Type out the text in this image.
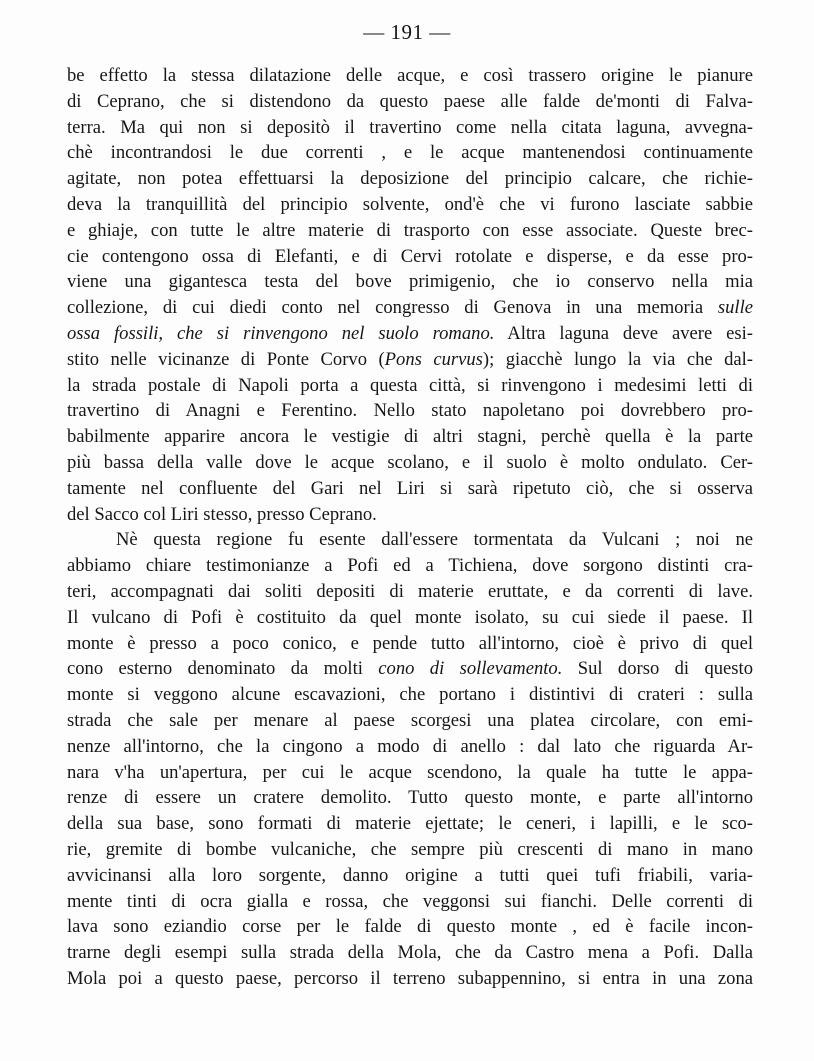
— 191 —
be effetto la stessa dilatazione delle acque, e così trassero origine le pianure
di Ceprano, che si distendono da questo paese alle falde de'monti di Falva-
terra. Ma qui non si depositò il travertino come nella citata laguna, avvegna-
chè incontrandosi le due correnti , e le acque mantenendosi continuamente
agitate, non potea effettuarsi la deposizione del principio calcare, che richie-
deva la tranquillità del principio solvente, ond'è che vi furono lasciate sabbie
e ghiaje, con tutte le altre materie di trasporto con esse associate. Queste brec-
cie contengono ossa di Elefanti, e di Cervi rotolate e disperse, e da esse pro-
viene una gigantesca testa del bove primigenio, che io conservo nella mia
collezione, di cui diedi conto nel congresso di Genova in una memoria sulle
ossa fossili, che si rinvengono nel suolo romano. Altra laguna deve avere esi-
stito nelle vicinanze di Ponte Corvo (Pons curvus); giacchè lungo la via che dal-
la strada postale di Napoli porta a questa città, si rinvengono i medesimi letti di
travertino di Anagni e Ferentino. Nello stato napoletano poi dovrebbero pro-
babilmente apparire ancora le vestigie di altri stagni, perchè quella è la parte
più bassa della valle dove le acque scolano, e il suolo è molto ondulato. Cer-
tamente nel confluente del Gari nel Liri si sarà ripetuto ciò, che si osserva
del Sacco col Liri stesso, presso Ceprano.
Nè questa regione fu esente dall'essere tormentata da Vulcani ; noi ne
abbiamo chiare testimonianze a Pofi ed a Tichiena, dove sorgono distinti cra-
teri, accompagnati dai soliti depositi di materie eruttate, e da correnti di lave.
Il vulcano di Pofi è costituito da quel monte isolato, su cui siede il paese. Il
monte è presso a poco conico, e pende tutto all'intorno, cioè è privo di quel
cono esterno denominato da molti cono di sollevamento. Sul dorso di questo
monte si veggono alcune escavazioni, che portano i distintivi di crateri : sulla
strada che sale per menare al paese scorgesi una platea circolare, con emi-
nenze all'intorno, che la cingono a modo di anello : dal lato che riguarda Ar-
nara v'ha un'apertura, per cui le acque scendono, la quale ha tutte le appa-
renze di essere un cratere demolito. Tutto questo monte, e parte all'intorno
della sua base, sono formati di materie ejettate; le ceneri, i lapilli, e le sco-
rie, gremite di bombe vulcaniche, che sempre più crescenti di mano in mano
avvicinansi alla loro sorgente, danno origine a tutti quei tufi friabili, varia-
mente tinti di ocra gialla e rossa, che veggonsi sui fianchi. Delle correnti di
lava sono eziandio corse per le falde di questo monte , ed è facile incon-
trarne degli esempi sulla strada della Mola, che da Castro mena a Pofi. Dalla
Mola poi a questo paese, percorso il terreno subappennino, si entra in una zona
